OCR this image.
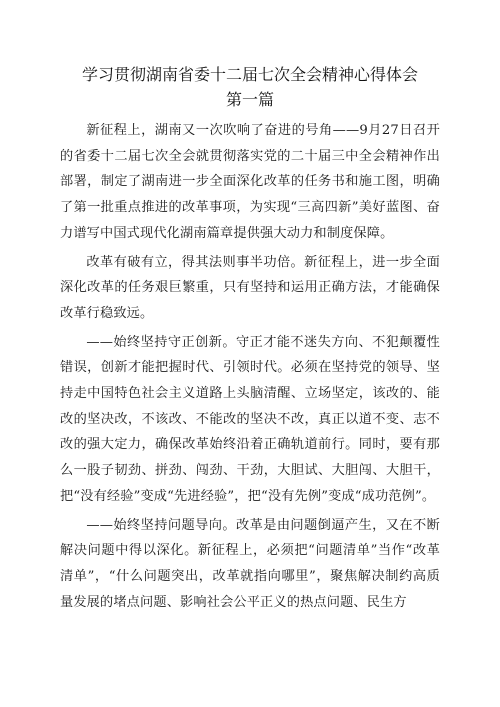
学习贯彻湖南省委十二届七次全会精神心得体会
第一篇

新征程上，湖南又一次吹响了奋进的号角——9月27日召开的省委十二届七次全会就贯彻落实党的二十届三中全会精神作出部署，制定了湖南进一步全面深化改革的任务书和施工图，明确了第一批重点推进的改革事项，为实现“三高四新”美好蓝图、奋力谱写中国式现代化湖南篇章提供强大动力和制度保障。

改革有破有立，得其法则事半功倍。新征程上，进一步全面深化改革的任务艰巨繁重，只有坚持和运用正确方法，才能确保改革行稳致远。

——始终坚持守正创新。守正才能不迷失方向、不犯颠覆性错误，创新才能把握时代、引领时代。必须在坚持党的领导、坚持走中国特色社会主义道路上头脑清醒、立场坚定，该改的、能改的坚决改，不该改、不能改的坚决不改，真正以道不变、志不改的强大定力，确保改革始终沿着正确轨道前行。同时，要有那么一股子韧劲、拼劲、闯劲、干劲，大胆试、大胆闯、大胆干，把“没有经验”变成“先进经验”，把“没有先例”变成“成功范例”。

——始终坚持问题导向。改革是由问题倒逼产生，又在不断解决问题中得以深化。新征程上，必须把“问题清单”当作“改革清单”，“什么问题突出，改革就指向哪里”，聚焦解决制约高质量发展的堵点问题、影响社会公平正义的热点问题、民生方
